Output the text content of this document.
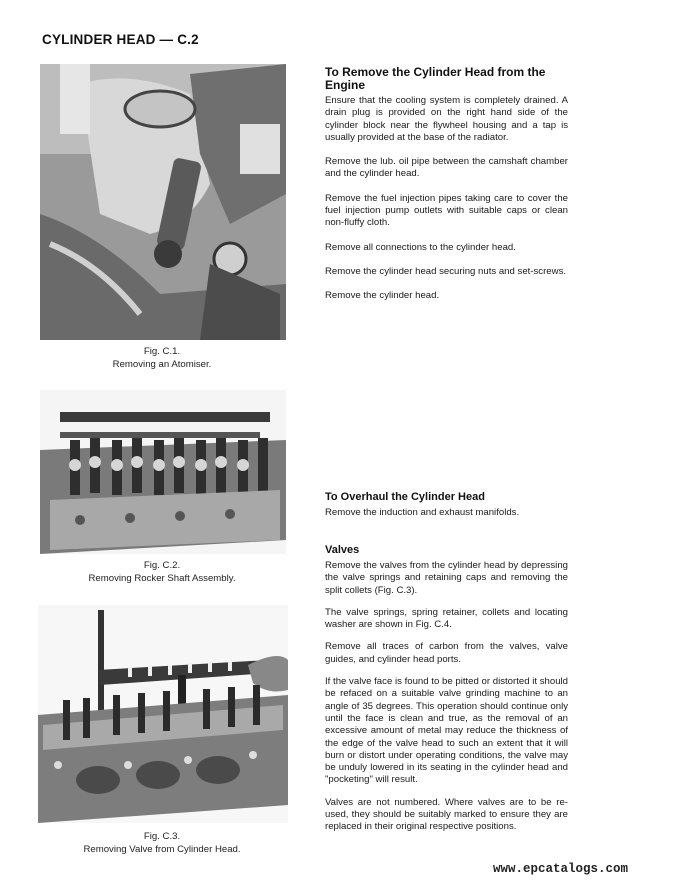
CYLINDER HEAD — C.2
Fig. C.1.
Removing an Atomiser.
Fig. C.2.
Removing Rocker Shaft Assembly.
Fig. C.3.
Removing Valve from Cylinder Head.
To Remove the Cylinder Head from the Engine
Ensure that the cooling system is completely drained. A drain plug is provided on the right hand side of the cylinder block near the flywheel housing and a tap is usually provided at the base of the radiator.
Remove the lub. oil pipe between the camshaft chamber and the cylinder head.
Remove the fuel injection pipes taking care to cover the fuel injection pump outlets with suitable caps or clean non-fluffy cloth.
Remove all connections to the cylinder head.
Remove the cylinder head securing nuts and set-screws.
Remove the cylinder head.
To Overhaul the Cylinder Head
Remove the induction and exhaust manifolds.
Valves
Remove the valves from the cylinder head by depressing the valve springs and retaining caps and removing the split collets (Fig. C.3).
The valve springs, spring retainer, collets and locating washer are shown in Fig. C.4.
Remove all traces of carbon from the valves, valve guides, and cylinder head ports.
If the valve face is found to be pitted or distorted it should be refaced on a suitable valve grinding machine to an angle of 35 degrees. This operation should continue only until the face is clean and true, as the removal of an excessive amount of metal may reduce the thickness of the edge of the valve head to such an extent that it will burn or distort under operating conditions, the valve may be unduly lowered in its seating in the cylinder head and "pocketing" will result.
Valves are not numbered. Where valves are to be re-used, they should be suitably marked to ensure they are replaced in their original respective positions.
www.epcatalogs.com
